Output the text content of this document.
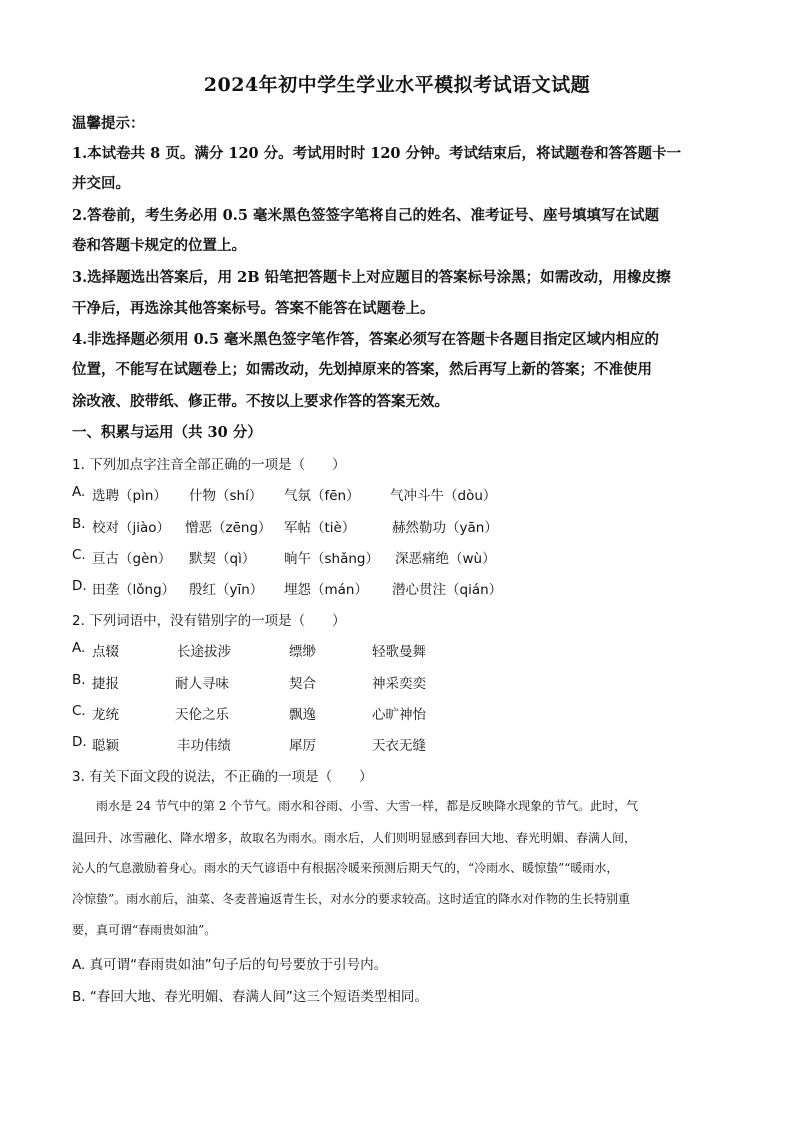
2024年初中学生学业水平模拟考试语文试题
温馨提示：
1.本试卷共 8 页。满分 120 分。考试用时时 120 分钟。考试结束后，将试题卷和答答题卡一
并交回。
2.答卷前，考生务必用 0.5 毫米黑色签签字笔将自己的姓名、准考证号、座号填填写在试题
卷和答题卡规定的位置上。
3.选择题选出答案后，用 2B 铅笔把答题卡上对应题目的答案标号涂黑；如需改动，用橡皮擦
干净后，再选涂其他答案标号。答案不能答在试题卷上。
4.非选择题必须用 0.5 毫米黑色签字笔作答，答案必须写在答题卡各题目指定区域内相应的
位置，不能写在试题卷上；如需改动，先划掉原来的答案，然后再写上新的答案；不准使用
涂改液、胶带纸、修正带。不按以上要求作答的答案无效。
一、积累与运用（共 30 分）
1. 下列加点字注音全部正确的一项是（　　）
A. 选聘（pìn） 什物（shí） 气氛（fēn） 气冲斗牛（dòu）
B. 校对（jiào） 憎恶（zēng） 军帖（tiè）	赫然勒功（yān）
C. 亘古（gèn） 默契（qì） 晌午（shǎng） 深恶痛绝（wù）
D. 田垄（lǒng） 殷红（yīn） 埋怨（mán） 潜心贯注（qián）
2. 下列词语中，没有错别字的一项是（　　）
A. 点辍	长途拔涉	缥缈	轻歌曼舞
B. 捷报	耐人寻味	契合	神采奕奕
C. 龙统	天伦之乐	飘逸	心旷神怡
D. 聪颖	丰功伟绩	犀厉	天衣无缝
3. 有关下面文段的说法，不正确的一项是（　　）
　　雨水是 24 节气中的第 2 个节气。雨水和谷雨、小雪、大雪一样，都是反映降水现象的节气。此时，气
温回升、冰雪融化、降水增多，故取名为雨水。雨水后，人们则明显感到春回大地、春光明媚、春满人间，
沁人的气息激励着身心。雨水的天气谚语中有根据冷暖来预测后期天气的，“冷雨水、暖惊蛰”“暖雨水，
冷惊蛰”。雨水前后，油菜、冬麦普遍返青生长，对水分的要求较高。这时适宜的降水对作物的生长特别重
要，真可谓“春雨贵如油”。
A. 真可谓“春雨贵如油”句子后的句号要放于引号内。
B. “春回大地、春光明媚、春满人间”这三个短语类型相同。
